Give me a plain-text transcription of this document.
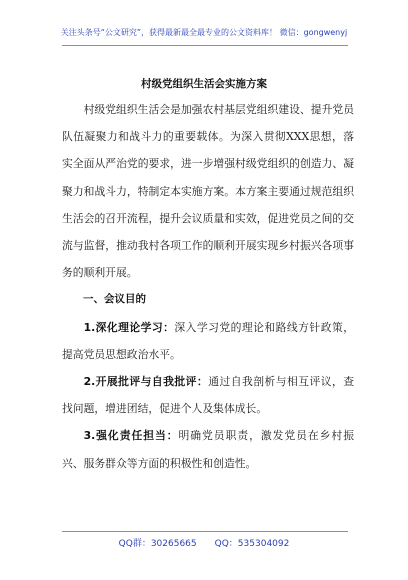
关注头条号“公文研究”，获得最新最全最专业的公文资料库！ 微信：gongwenyj
村级党组织生活会实施方案

村级党组织生活会是加强农村基层党组织建设、提升党员队伍凝聚力和战斗力的重要载体。为深入贯彻XXX思想，落实全面从严治党的要求，进一步增强村级党组织的创造力、凝聚力和战斗力，特制定本实施方案。本方案主要通过规范组织生活会的召开流程，提升会议质量和实效，促进党员之间的交流与监督，推动我村各项工作的顺利开展实现乡村振兴各项事务的顺利开展。

一、会议目的

1.深化理论学习：深入学习党的理论和路线方针政策，提高党员思想政治水平。

2.开展批评与自我批评：通过自我剖析与相互评议，查找问题，增进团结，促进个人及集体成长。

3.强化责任担当：明确党员职责，激发党员在乡村振兴、服务群众等方面的积极性和创造性。

QQ群：30265665 QQ：535304092
